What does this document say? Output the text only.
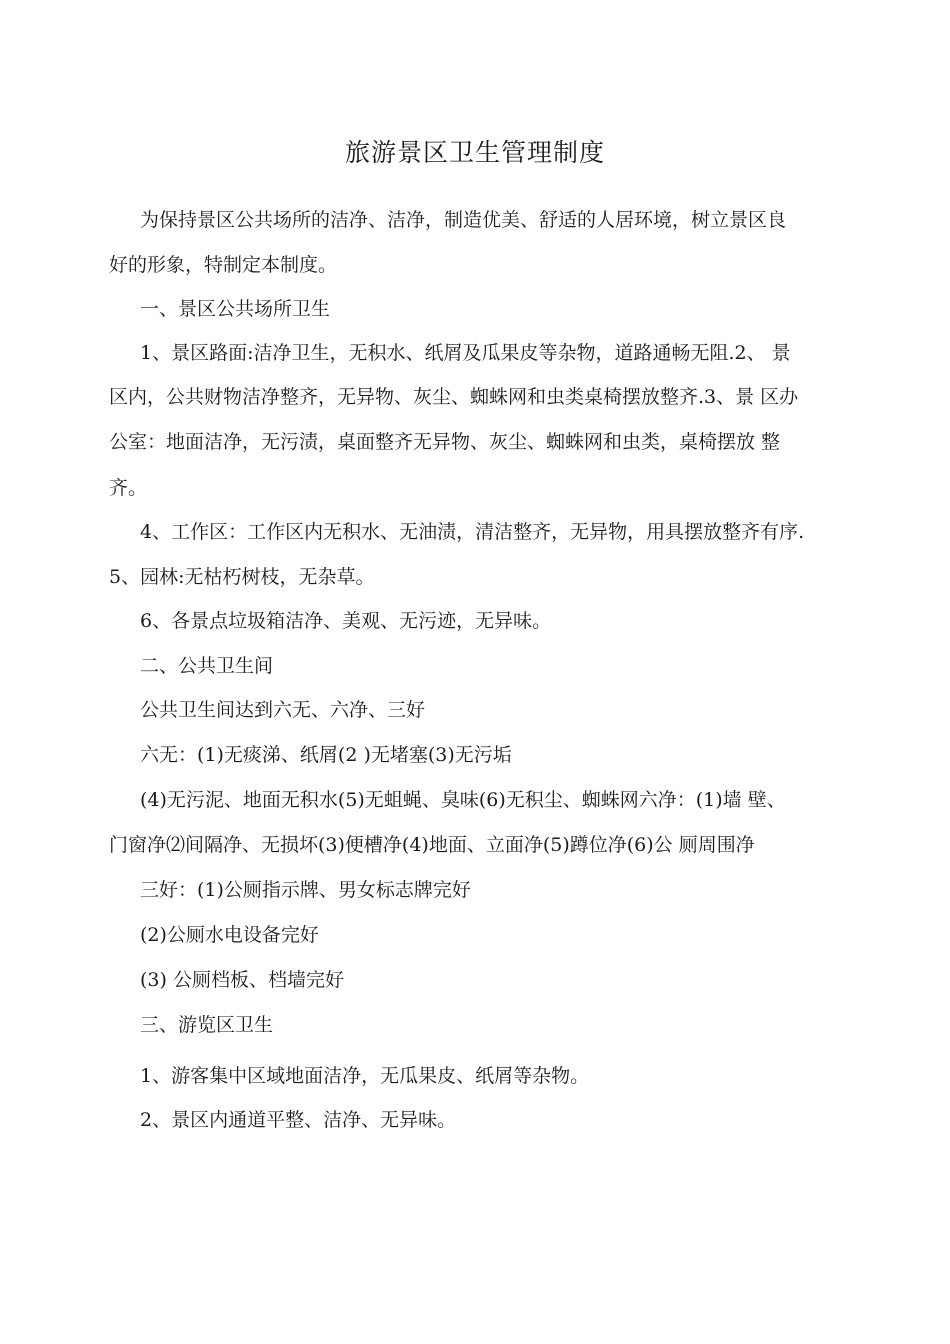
旅游景区卫生管理制度
为保持景区公共场所的洁净、洁净，制造优美、舒适的人居环境，树立景区良
好的形象，特制定本制度。
一、景区公共场所卫生
1、景区路面:洁净卫生，无积水、纸屑及瓜果皮等杂物，道路通畅无阻.2、 景
区内，公共财物洁净整齐，无异物、灰尘、蜘蛛网和虫类桌椅摆放整齐.3、景 区办
公室：地面洁净，无污渍，桌面整齐无异物、灰尘、蜘蛛网和虫类，桌椅摆放 整
齐。
4、工作区：工作区内无积水、无油渍，清洁整齐，无异物，用具摆放整齐有序.
5、园林:无枯朽树枝，无杂草。
6、各景点垃圾箱洁净、美观、无污迹，无异味。
二、公共卫生间
公共卫生间达到六无、六净、三好
六无：(1)无痰涕、纸屑(2 )无堵塞(3)无污垢
(4)无污泥、地面无积水(5)无蛆蝇、臭味(6)无积尘、蜘蛛网六净：(1)墙 壁、
门窗净⑵间隔净、无损坏(3)便槽净(4)地面、立面净(5)蹲位净(6)公 厕周围净
三好：(1)公厕指示牌、男女标志牌完好
(2)公厕水电设备完好
(3) 公厕档板、档墙完好
三、游览区卫生
1、游客集中区域地面洁净，无瓜果皮、纸屑等杂物。
2、景区内通道平整、洁净、无异味。
